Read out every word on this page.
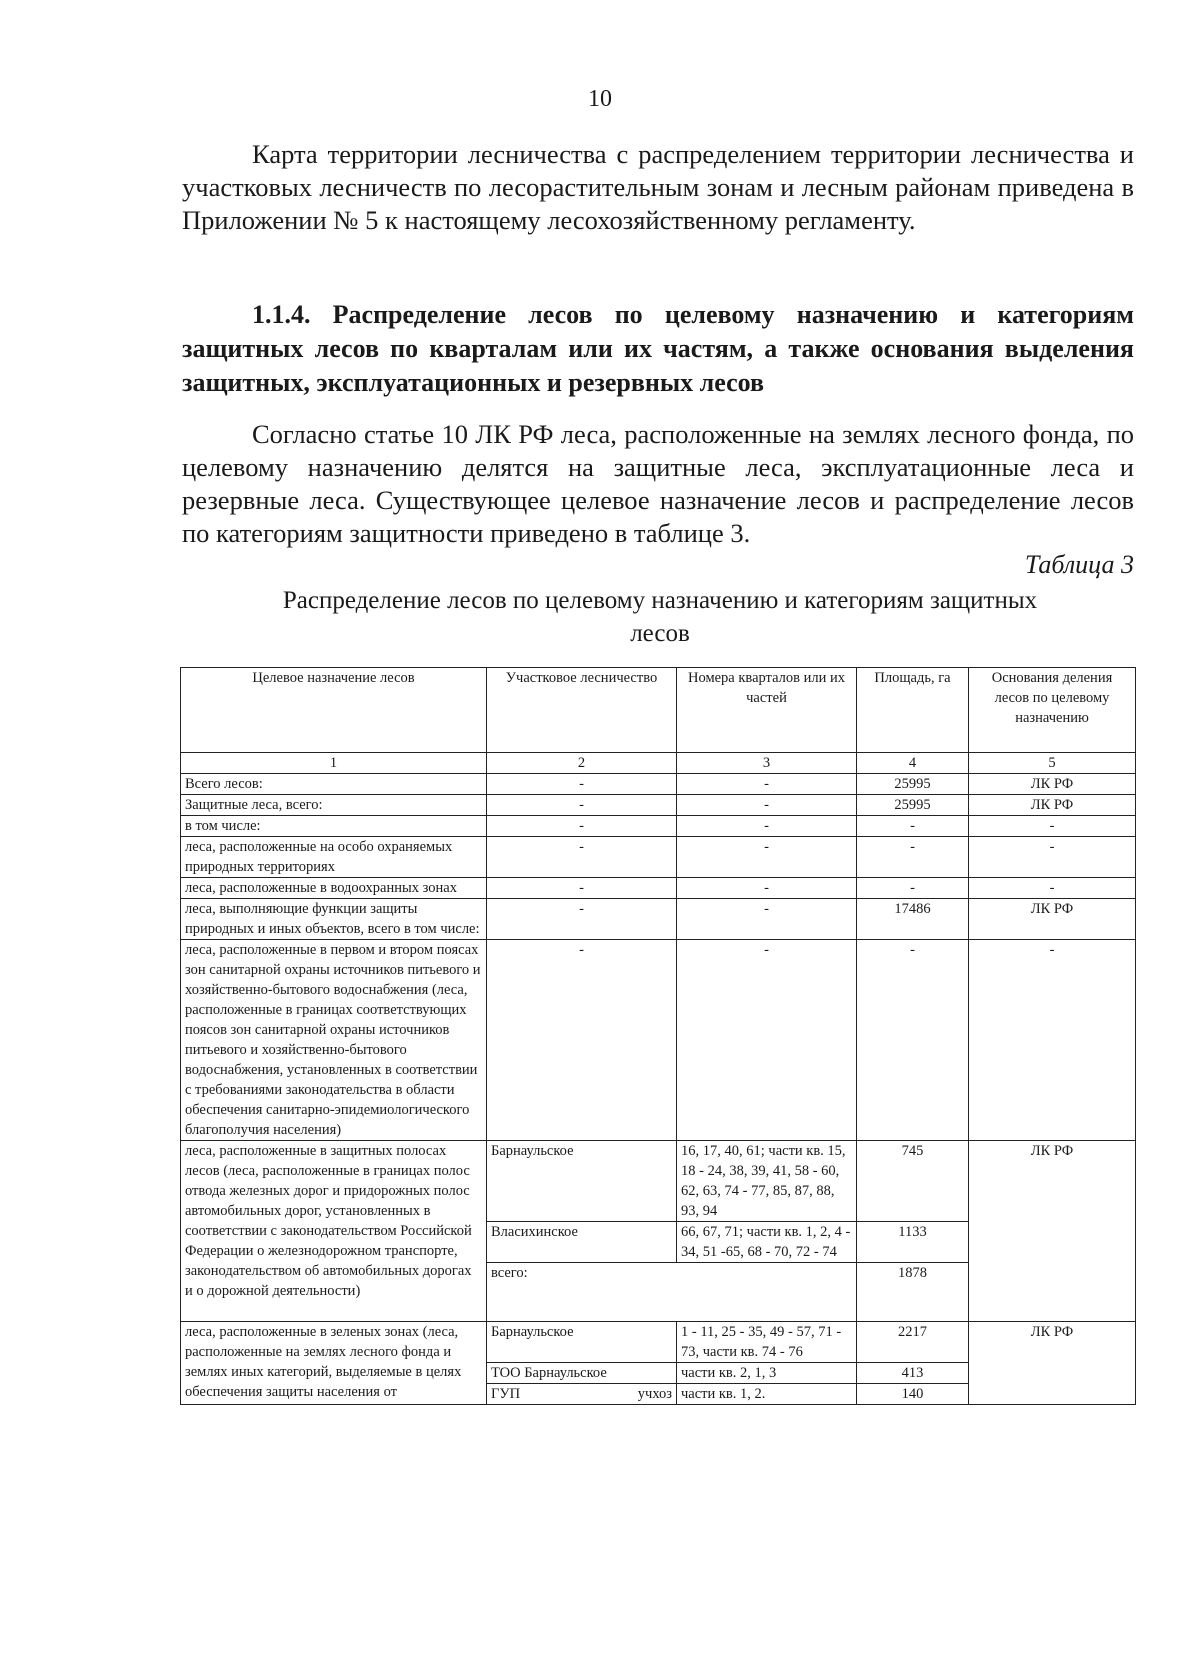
10
Карта территории лесничества с распределением территории лесничества и участковых лесничеств по лесорастительным зонам и лесным районам приведена в Приложении № 5 к настоящему лесохозяйственному регламенту.
1.1.4. Распределение лесов по целевому назначению и категориям защитных лесов по кварталам или их частям, а также основания выделения защитных, эксплуатационных и резервных лесов
Согласно статье 10 ЛК РФ леса, расположенные на землях лесного фонда, по целевому назначению делятся на защитные леса, эксплуатационные леса и резервные леса. Существующее целевое назначение лесов и распределение лесов по категориям защитности приведено в таблице 3.
Таблица 3
Распределение лесов по целевому назначению и категориям защитных лесов
Целевое назначение лесов	Участковое лесничество	Номера кварталов или их частей	Площадь, га	Основания деления лесов по целевому назначению
1	2	3	4	5
Всего лесов:	-	-	25995	ЛК РФ
Защитные леса, всего:	-	-	25995	ЛК РФ
в том числе:	-	-	-	-
леса, расположенные на особо охраняемых природных территориях	-	-	-	-
леса, расположенные в водоохранных зонах	-	-	-	-
леса, выполняющие функции защиты природных и иных объектов, всего в том числе:	-	-	17486	ЛК РФ
леса, расположенные в первом и втором поясах зон санитарной охраны источников питьевого и хозяйственно-бытового водоснабжения (леса, расположенные в границах соответствующих поясов зон санитарной охраны источников питьевого и хозяйственно-бытового водоснабжения, установленных в соответствии с требованиями законодательства в области обеспечения санитарно-эпидемиологического благополучия населения)	-	-	-	-
леса, расположенные в защитных полосах лесов (леса, расположенные в границах полос отвода железных дорог и придорожных полос автомобильных дорог, установленных в соответствии с законодательством Российской Федерации о железнодорожном транспорте, законодательством об автомобильных дорогах и о дорожной деятельности)	Барнаульское	16, 17, 40, 61; части кв. 15, 18 - 24, 38, 39, 41, 58 - 60, 62, 63, 74 - 77, 85, 87, 88, 93, 94	745	ЛК РФ
	Власихинское	66, 67, 71; части кв. 1, 2, 4 - 34, 51 -65, 68 - 70, 72 - 74	1133	
	всего:		1878	
леса, расположенные в зеленых зонах (леса, расположенные на землях лесного фонда и землях иных категорий, выделяемые в целях обеспечения защиты населения от	Барнаульское	1 - 11, 25 - 35, 49 - 57, 71 - 73, части кв. 74 - 76	2217	ЛК РФ
	ТОО Барнаульское	части кв. 2, 1, 3	413	
	ГУП учхоз	части кв. 1, 2.	140	
